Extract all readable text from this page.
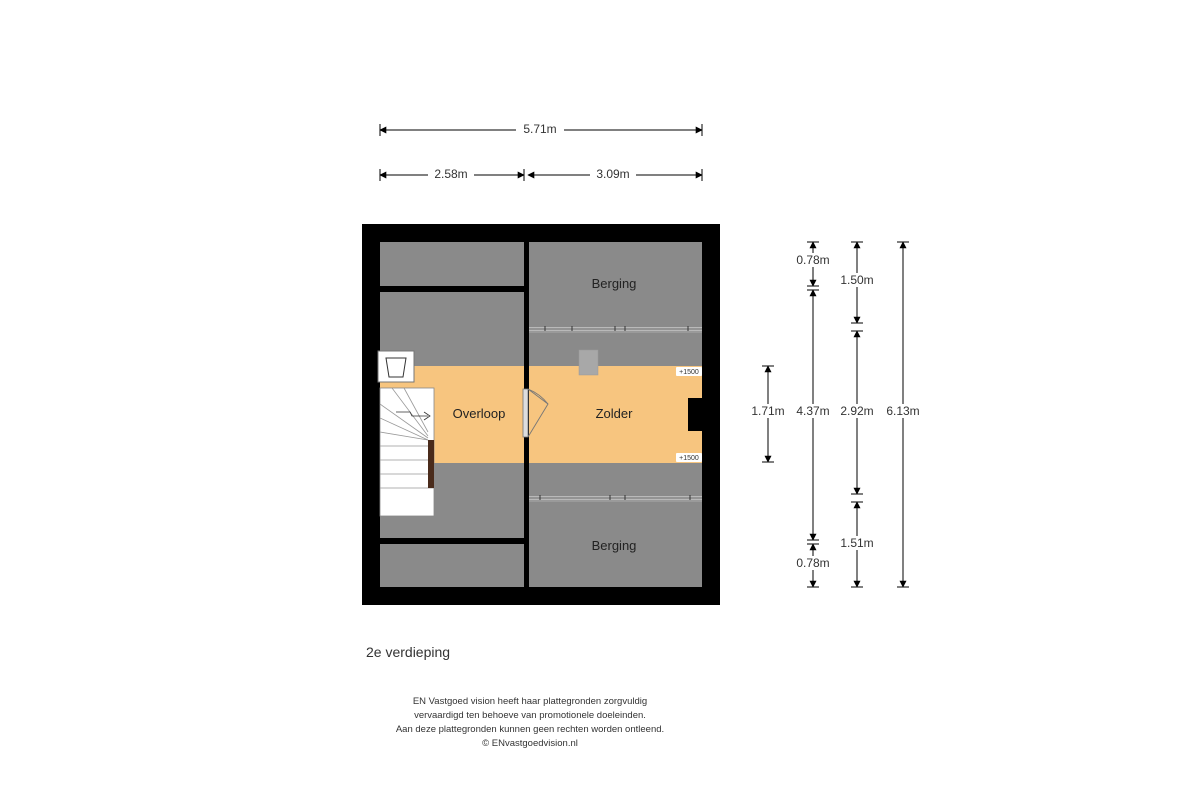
5.71m
2.58m	3.09m
Berging
Overloop	Zolder
Berging
+1500
+1500
1.71m
0.78m
4.37m
0.78m
1.50m
2.92m
1.51m
6.13m
2e verdieping
EN Vastgoed vision heeft haar plattegronden zorgvuldig
vervaardigd ten behoeve van promotionele doeleinden.
Aan deze plattegronden kunnen geen rechten worden ontleend.
© ENvastgoedvision.nl
